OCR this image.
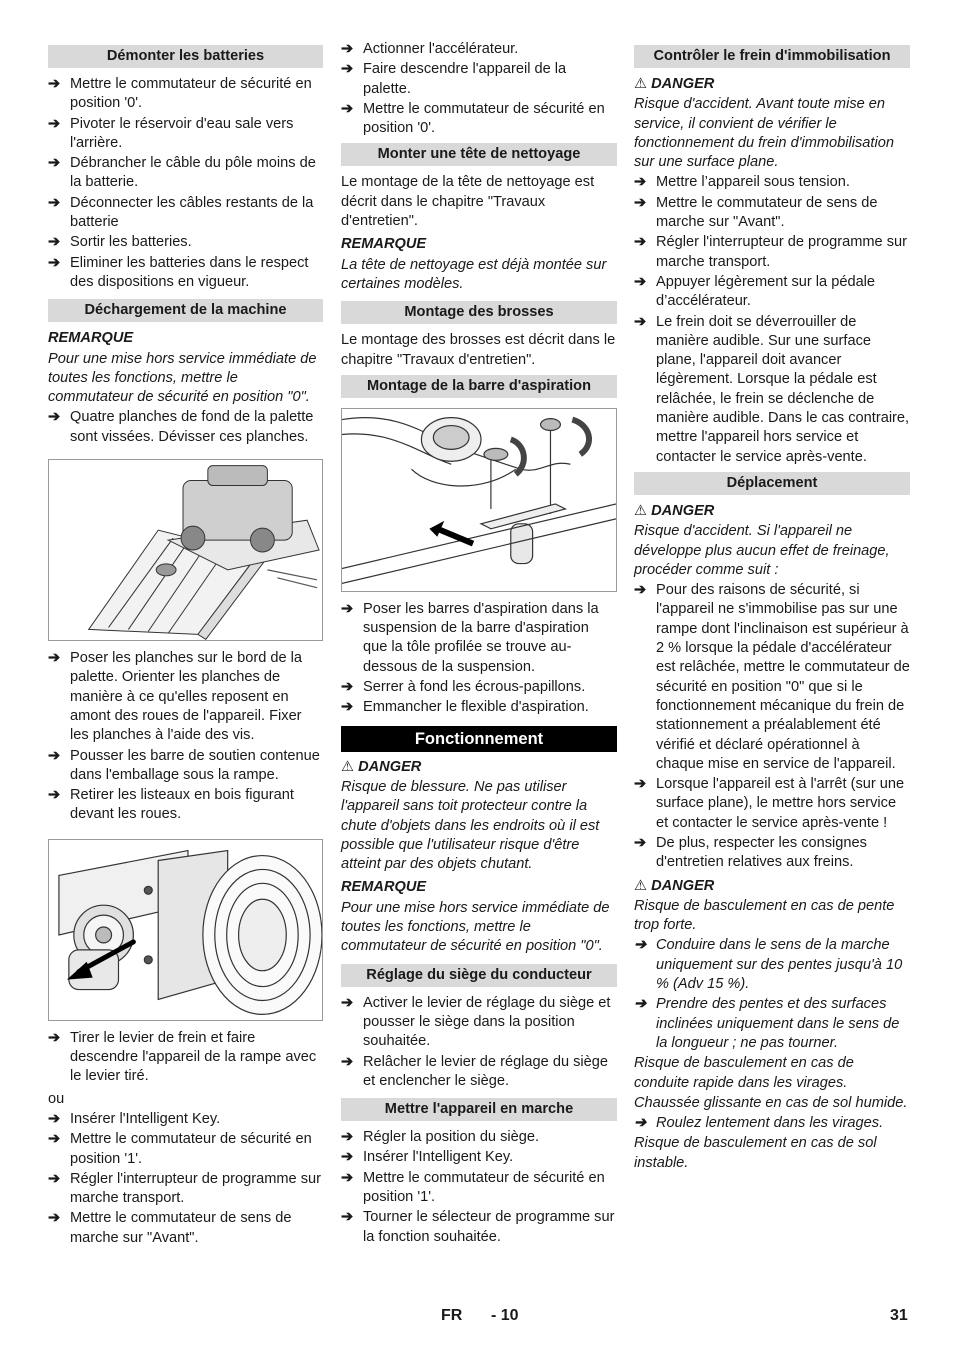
Démonter les batteries
➔ Mettre le commutateur de sécurité en position '0'.
➔ Pivoter le réservoir d'eau sale vers l'arrière.
➔ Débrancher le câble du pôle moins de la batterie.
➔ Déconnecter les câbles restants de la batterie
➔ Sortir les batteries.
➔ Eliminer les batteries dans le respect des dispositions en vigueur.
Déchargement de la machine
REMARQUE

Pour une mise hors service immédiate de toutes les fonctions, mettre le commutateur de sécurité en position "0".

➔ Quatre planches de fond de la palette sont vissées. Dévisser ces planches.
➔ Poser les planches sur le bord de la palette. Orienter les planches de manière à ce qu'elles reposent en amont des roues de l'appareil. Fixer les planches à l'aide des vis.
➔ Pousser les barre de soutien contenue dans l'emballage sous la rampe.
➔ Retirer les listeaux en bois figurant devant les roues.
➔ Tirer le levier de frein et faire descendre l'appareil de la rampe avec le levier tiré.

ou

➔ Insérer l'Intelligent Key.
➔ Mettre le commutateur de sécurité en position '1'.
➔ Régler l'interrupteur de programme sur marche transport.
➔ Mettre le commutateur de sens de marche sur "Avant".
➔ Actionner l'accélérateur.
➔ Faire descendre l'appareil de la palette.
➔ Mettre le commutateur de sécurité en position '0'.
Monter une tête de nettoyage

Le montage de la tête de nettoyage est décrit dans le chapitre "Travaux d'entretien".

REMARQUE

La tête de nettoyage est déjà montée sur certaines modèles.

Montage des brosses

Le montage des brosses est décrit dans le chapitre "Travaux d'entretien".

Montage de la barre d'aspiration
➔ Poser les barres d'aspiration dans la suspension de la barre d'aspiration que la tôle profilée se trouve au-dessous de la suspension.
➔ Serrer à fond les écrous-papillons.
➔ Emmancher le flexible d'aspiration.
Fonctionnement
⚠ DANGER

Risque de blessure. Ne pas utiliser l'appareil sans toit protecteur contre la chute d'objets dans les endroits où il est possible que l'utilisateur risque d'être atteint par des objets chutant.

REMARQUE

Pour une mise hors service immédiate de toutes les fonctions, mettre le commutateur de sécurité en position "0".

Réglage du siège du conducteur
➔ Activer le levier de réglage du siège et pousser le siège dans la position souhaitée.
➔ Relâcher le levier de réglage du siège et enclencher le siège.
Mettre l'appareil en marche
➔ Régler la position du siège.
➔ Insérer l'Intelligent Key.
➔ Mettre le commutateur de sécurité en position '1'.
➔ Tourner le sélecteur de programme sur la fonction souhaitée.
Contrôler le frein d'immobilisation
⚠ DANGER

Risque d'accident. Avant toute mise en service, il convient de vérifier le fonctionnement du frein d'immobilisation sur une surface plane.

➔ Mettre l’appareil sous tension.
➔ Mettre le commutateur de sens de marche sur "Avant".
➔ Régler l'interrupteur de programme sur marche transport.
➔ Appuyer légèrement sur la pédale d’accélérateur.
➔ Le frein doit se déverrouiller de manière audible. Sur une surface plane, l'appareil doit avancer légèrement. Lorsque la pédale est relâchée, le frein se déclenche de manière audible. Dans le cas contraire, mettre l'appareil hors service et contacter le service après-vente.
Déplacement
⚠ DANGER

Risque d'accident. Si l'appareil ne développe plus aucun effet de freinage, procéder comme suit :

➔ Pour des raisons de sécurité, si l'appareil ne s'immobilise pas sur une rampe dont l'inclinaison est supérieur à 2 % lorsque la pédale d'accélérateur est relâchée, mettre le commutateur de sécurité en position "0" que si le fonctionnement mécanique du frein de stationnement a préalablement été vérifié et déclaré opérationnel à chaque mise en service de l'appareil.
➔ Lorsque l'appareil est à l'arrêt (sur une surface plane), le mettre hors service et contacter le service après-vente !
➔ De plus, respecter les consignes d'entretien relatives aux freins.
⚠ DANGER

Risque de basculement en cas de pente trop forte.

➔ Conduire dans le sens de la marche uniquement sur des pentes jusqu'à 10 % (Adv 15 %).
➔ Prendre des pentes et des surfaces inclinées uniquement dans le sens de la longueur ; ne pas tourner.

Risque de basculement en cas de conduite rapide dans les virages.

Chaussée glissante en cas de sol humide.

➔ Roulez lentement dans les virages.

Risque de basculement en cas de sol instable.

FR - 10	31
